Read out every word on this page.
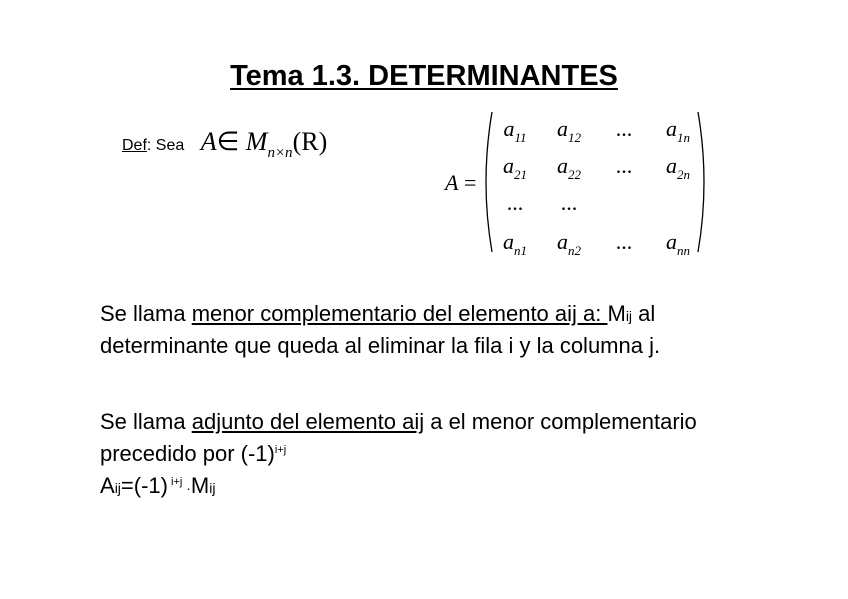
Tema 1.3. DETERMINANTES
Def: Sea A∈ $M_{n\times n}(R)$
A =
$a_{11}$	$a_{12}$	...	$a_{1n}$
$a_{21}$	$a_{22}$	...	$a_{2n}$
...	...
$a_{n1}$	$a_{n2}$	...	$a_{nn}$
Se llama menor complementario del elemento aij a: Mij al
determinante que queda al eliminar la fila i y la columna j.
Se llama adjunto del elemento aij a el menor complementario
precedido por $(-1)^{i+j}$
Aij=(-1) $^{i+j}$ ·Mij
